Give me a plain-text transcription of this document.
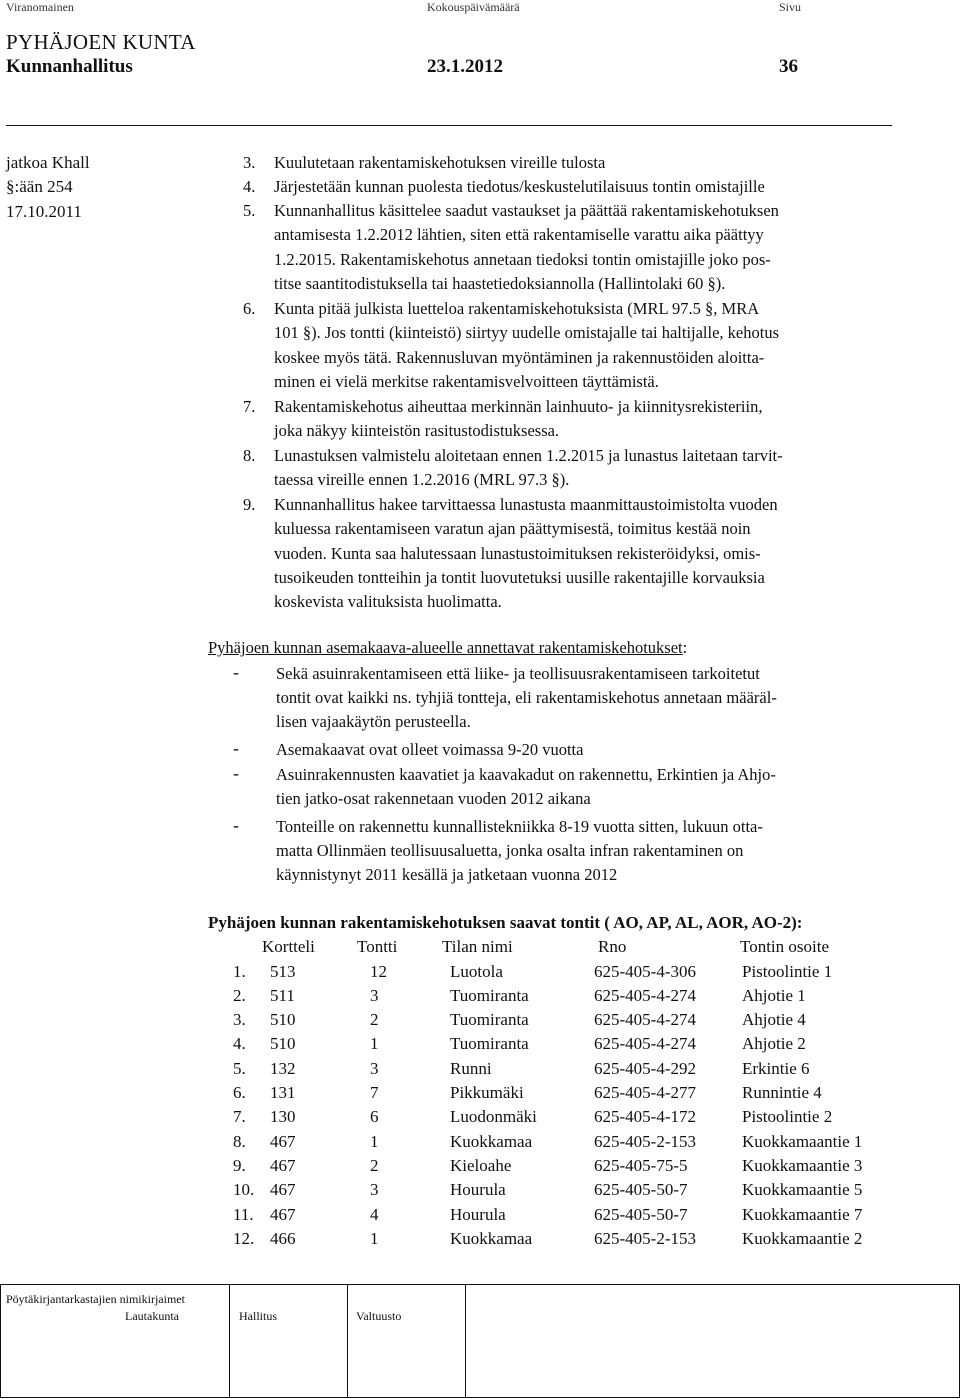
Viranomainen	Kokouspäivämäärä	Sivu
PYHÄJOEN KUNTA
Kunnanhallitus	23.1.2012	36
jatkoa Khall
§:ään 254
17.10.2011
3.	Kuulutetaan rakentamiskehotuksen vireille tulosta
4.	Järjestetään kunnan puolesta tiedotus/keskustelutilaisuus tontin omistajille
5.	Kunnanhallitus käsittelee saadut vastaukset ja päättää rakentamiskehotuksen
antamisesta 1.2.2012 lähtien, siten että rakentamiselle varattu aika päättyy
1.2.2015. Rakentamiskehotus annetaan tiedoksi tontin omistajille joko pos-
titse saantitodistuksella tai haastetiedoksiannolla (Hallintolaki 60 §).
6.	Kunta pitää julkista luetteloa rakentamiskehotuksista (MRL 97.5 §, MRA
101 §). Jos tontti (kiinteistö) siirtyy uudelle omistajalle tai haltijalle, kehotus
koskee myös tätä. Rakennusluvan myöntäminen ja rakennustöiden aloitta-
minen ei vielä merkitse rakentamisvelvoitteen täyttämistä.
7.	Rakentamiskehotus aiheuttaa merkinnän lainhuuto- ja kiinnitysrekisteriin,
joka näkyy kiinteistön rasitustodistuksessa.
8.	Lunastuksen valmistelu aloitetaan ennen 1.2.2015 ja lunastus laitetaan tarvit-
taessa vireille ennen 1.2.2016 (MRL 97.3 §).
9.	Kunnanhallitus hakee tarvittaessa lunastusta maanmittaustoimistolta vuoden
kuluessa rakentamiseen varatun ajan päättymisestä, toimitus kestää noin
vuoden. Kunta saa halutessaan lunastustoimituksen rekisteröidyksi, omis-
tusoikeuden tontteihin ja tontit luovutetuksi uusille rakentajille korvauksia
koskevista valituksista huolimatta.
Pyhäjoen kunnan asemakaava-alueelle annettavat rakentamiskehotukset:
- Sekä asuinrakentamiseen että liike- ja teollisuusrakentamiseen tarkoitetut
tontit ovat kaikki ns. tyhjiä tontteja, eli rakentamiskehotus annetaan määräl-
lisen vajaakäytön perusteella.
- Asemakaavat ovat olleet voimassa 9-20 vuotta
- Asuinrakennusten kaavatiet ja kaavakadut on rakennettu, Erkintien ja Ahjo-
tien jatko-osat rakennetaan vuoden 2012 aikana
- Tonteille on rakennettu kunnallistekniikka 8-19 vuotta sitten, lukuun otta-
matta Ollinmäen teollisuusaluetta, jonka osalta infran rakentaminen on
käynnistynyt 2011 kesällä ja jatketaan vuonna 2012
Pyhäjoen kunnan rakentamiskehotuksen saavat tontit ( AO, AP, AL, AOR, AO-2):
Kortteli Tontti	Tilan nimi	Rno	Tontin osoite
1. 513	12	Luotola	625-405-4-306	Pistoolintie 1
2. 511	3	Tuomiranta	625-405-4-274	Ahjotie 1
3. 510	2	Tuomiranta	625-405-4-274	Ahjotie 4
4. 510	1	Tuomiranta	625-405-4-274	Ahjotie 2
5. 132	3	Runni	625-405-4-292	Erkintie 6
6. 131	7	Pikkumäki	625-405-4-277	Runnintie 4
7. 130	6	Luodonmäki	625-405-4-172	Pistoolintie 2
8. 467	1	Kuokkamaa	625-405-2-153	Kuokkamaantie 1
9. 467	2	Kieloahe	625-405-75-5	Kuokkamaantie 3
10. 467	3	Hourula	625-405-50-7	Kuokkamaantie 5
11. 467	4	Hourula	625-405-50-7	Kuokkamaantie 7
12. 466	1	Kuokkamaa	625-405-2-153	Kuokkamaantie 2
Pöytäkirjantarkastajien nimikirjaimet
Lautakunta	Hallitus	Valtuusto
